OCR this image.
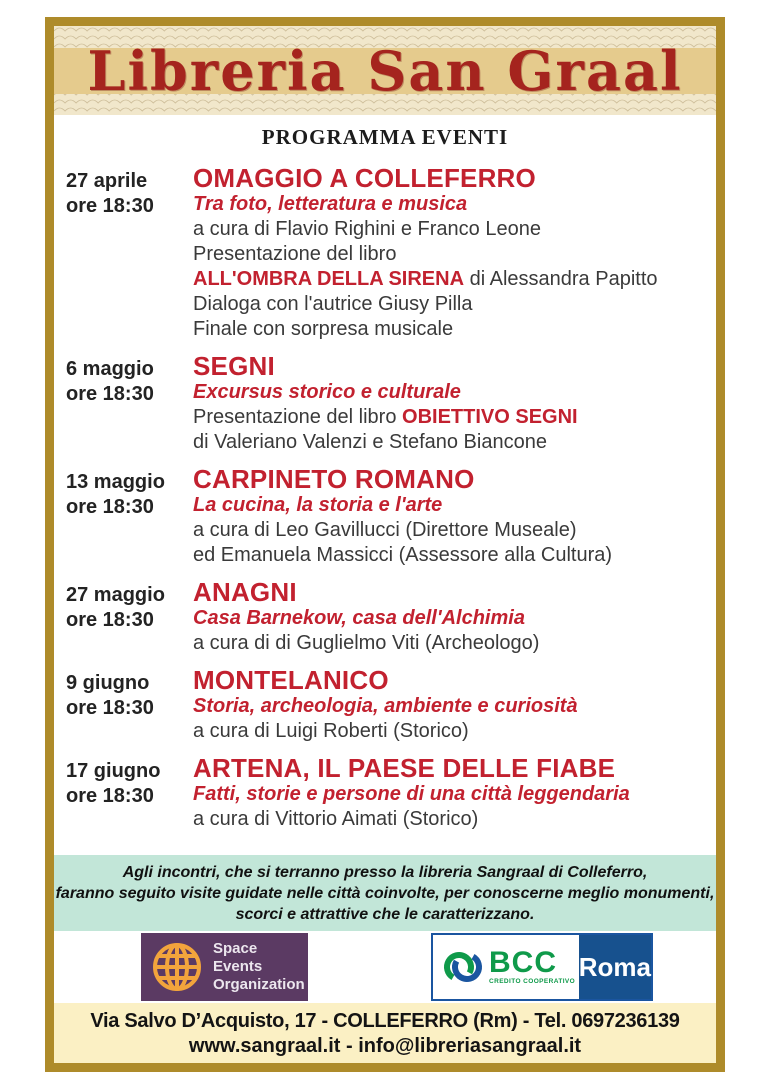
Libreria San Graal
PROGRAMMA EVENTI
27 aprile
ore 18:30
OMAGGIO A COLLEFERRO
Tra foto, letteratura e musica
a cura di Flavio Righini e Franco Leone
Presentazione del libro
ALL'OMBRA DELLA SIRENA di Alessandra Papitto
Dialoga con l'autrice Giusy Pilla
Finale con sorpresa musicale
6 maggio
ore 18:30
SEGNI
Excursus storico e culturale
Presentazione del libro OBIETTIVO SEGNI
di Valeriano Valenzi e Stefano Biancone
13 maggio
ore 18:30
CARPINETO ROMANO
La cucina, la storia e l'arte
a cura di Leo Gavillucci (Direttore Museale)
ed Emanuela Massicci (Assessore alla Cultura)
27 maggio
ore 18:30
ANAGNI
Casa Barnekow, casa dell'Alchimia
a cura di di Guglielmo Viti (Archeologo)
9 giugno
ore 18:30
MONTELANICO
Storia, archeologia, ambiente e curiosità
a cura di Luigi Roberti (Storico)
17 giugno
ore 18:30
ARTENA, IL PAESE DELLE FIABE
Fatti, storie e persone di una città leggendaria
a cura di Vittorio Aimati (Storico)
Agli incontri, che si terranno presso la libreria Sangraal di Colleferro,
faranno seguito visite guidate nelle città coinvolte, per conoscerne meglio monumenti,
scorci e attrattive che le caratterizzano.
Space
Events
Organization
BCC
CREDITO COOPERATIVO Roma
Via Salvo D’Acquisto, 17 - COLLEFERRO (Rm) - Tel. 0697236139
www.sangraal.it - info@libreriasangraal.it
